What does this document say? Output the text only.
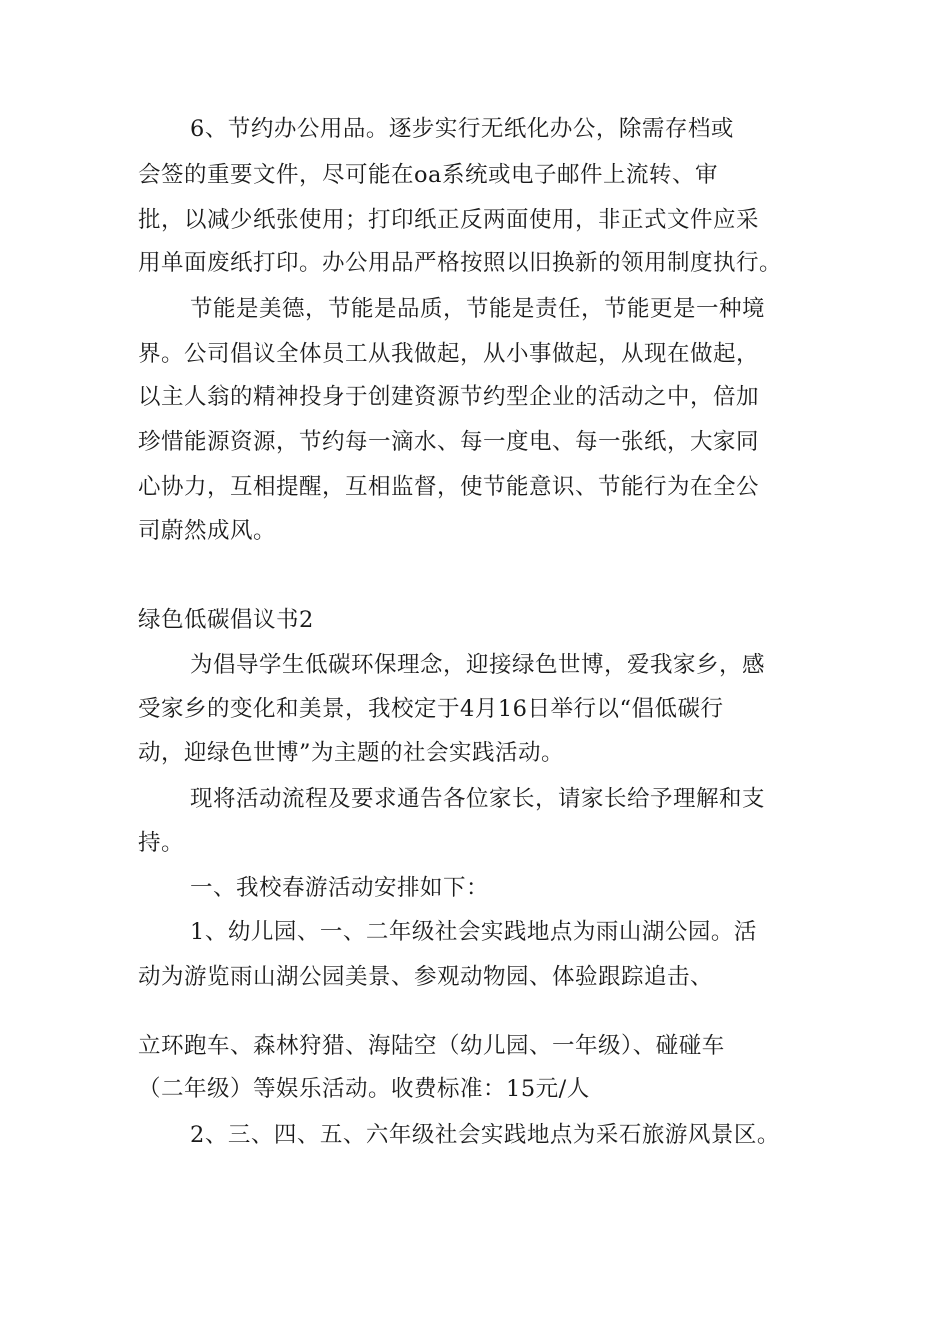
6、节约办公用品。逐步实行无纸化办公，除需存档或
会签的重要文件，尽可能在oa系统或电子邮件上流转、审
批，以减少纸张使用；打印纸正反两面使用，非正式文件应采
用单面废纸打印。办公用品严格按照以旧换新的领用制度执行。
节能是美德，节能是品质，节能是责任，节能更是一种境
界。公司倡议全体员工从我做起，从小事做起，从现在做起，
以主人翁的精神投身于创建资源节约型企业的活动之中，倍加
珍惜能源资源，节约每一滴水、每一度电、每一张纸，大家同
心协力，互相提醒，互相监督，使节能意识、节能行为在全公
司蔚然成风。
绿色低碳倡议书2
为倡导学生低碳环保理念，迎接绿色世博，爱我家乡，感
受家乡的变化和美景，我校定于4月16日举行以“倡低碳行
动，迎绿色世博”为主题的社会实践活动。
现将活动流程及要求通告各位家长，请家长给予理解和支
持。
一、我校春游活动安排如下：
1、幼儿园、一、二年级社会实践地点为雨山湖公园。活
动为游览雨山湖公园美景、参观动物园、体验跟踪追击、
立环跑车、森林狩猎、海陆空（幼儿园、一年级）、碰碰车
（二年级）等娱乐活动。收费标准：15元/人
2、三、四、五、六年级社会实践地点为采石旅游风景区。
